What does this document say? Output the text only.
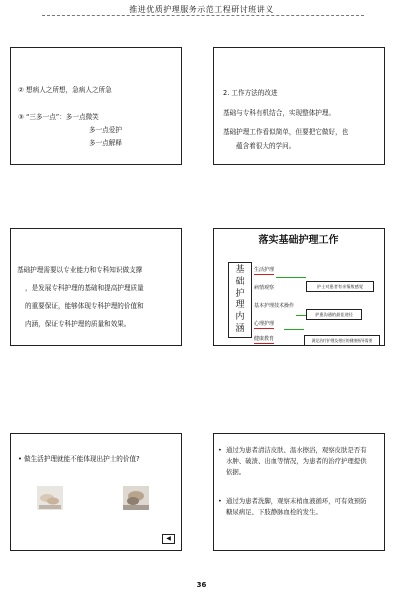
推进优质护理服务示范工程研讨班讲义
② 想病人之所想，急病人之所急
③ “三多一点”：多一点微笑
多一点爱护
多一点解释
2. 工作方法的改进
基础与专科有机结合，实现整体护理。
基础护理工作看似简单，但要把它做好，也
蕴含着很大的学问。
基础护理需要以专业能力和专科知识做支撑
，是发展专科护理的基础和提高护理质量
的重要保证，能够体现专科护理的价值和
内涵，保证专科护理的质量和效果。
落实基础护理工作
基
础
护
理
内
涵
生活护理
病情观察
基本护理技术操作
心理护理
健康教育
护士对患者有亲情般感觉
护患沟通的最佳途径
满足治疗护理及相应的健康指导需要
• 做生活护理就能不能体现出护士的价值?
◀
• 通过为患者清洁皮肤、温水擦浴，观察皮肤是否有水肿、破溃、出血等情况，为患者的治疗护理提供依据。
• 通过为患者洗脚，观察末梢血液循环，可有效预防糖尿病足、下肢静脉血栓的发生。
36
